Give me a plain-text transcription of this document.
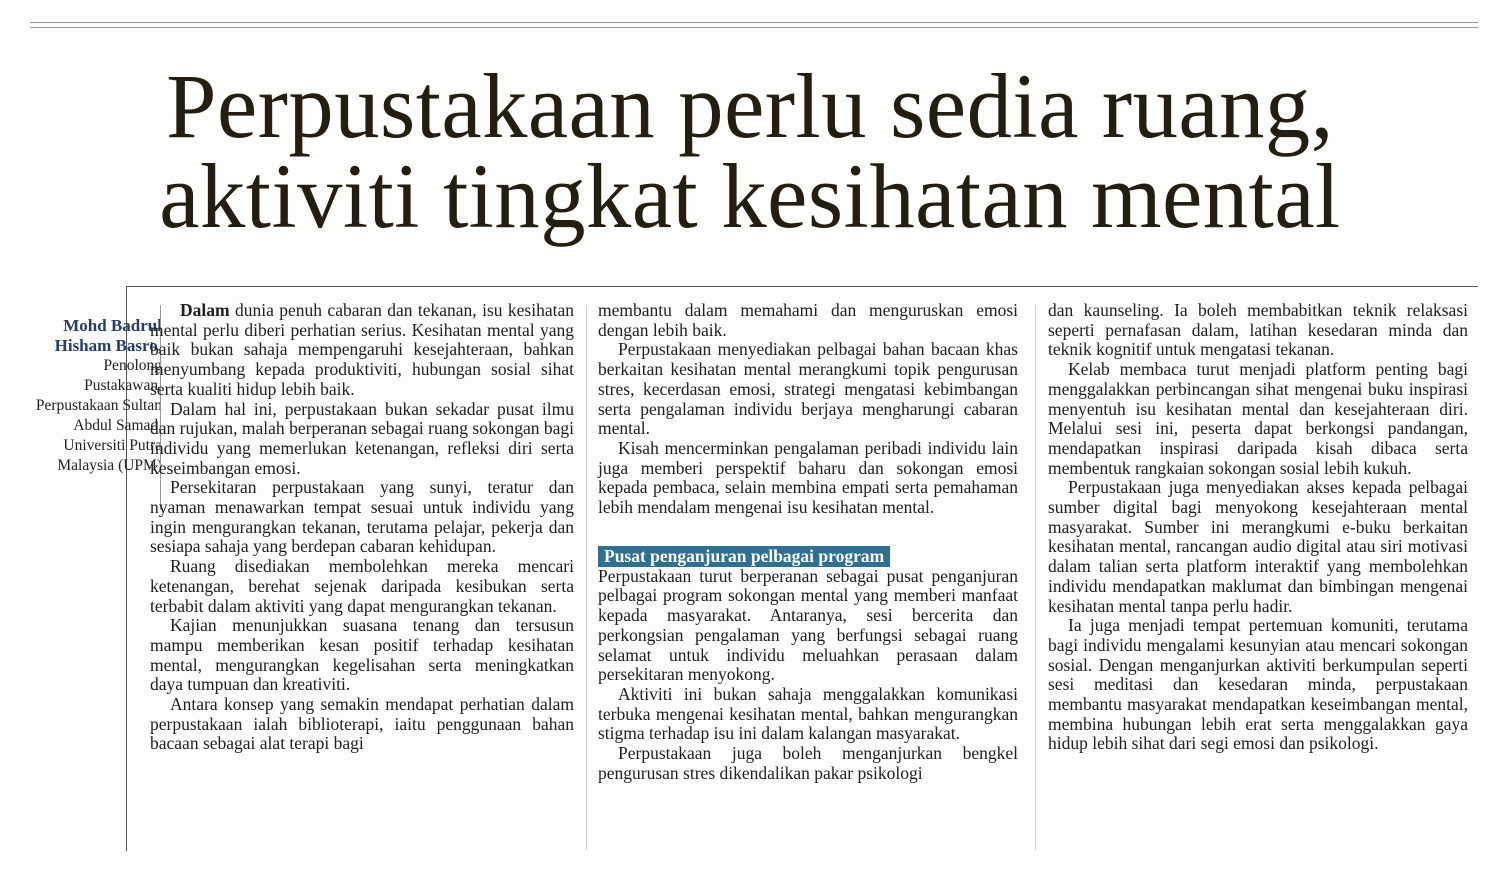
Perpustakaan perlu sedia ruang,
aktiviti tingkat kesihatan mental
Mohd Badrul Hisham Basro,
Penolong Pustakawan, Perpustakaan Sultan Abdul Samad, Universiti Putra Malaysia (UPM)

Dalam dunia penuh cabaran dan tekanan, isu kesihatan mental perlu diberi perhatian serius. Kesihatan mental yang baik bukan sahaja mempengaruhi kesejahteraan, bahkan menyumbang kepada produktiviti, hubungan sosial sihat serta kualiti hidup lebih baik.

Dalam hal ini, perpustakaan bukan sekadar pusat ilmu dan rujukan, malah berperanan sebagai ruang sokongan bagi individu yang memerlukan ketenangan, refleksi diri serta keseimbangan emosi.

Persekitaran perpustakaan yang sunyi, teratur dan nyaman menawarkan tempat sesuai untuk individu yang ingin mengurangkan tekanan, terutama pelajar, pekerja dan sesiapa sahaja yang berdepan cabaran kehidupan.

Ruang disediakan membolehkan mereka mencari ketenangan, berehat sejenak daripada kesibukan serta terbabit dalam aktiviti yang dapat mengurangkan tekanan.

Kajian menunjukkan suasana tenang dan tersusun mampu memberikan kesan positif terhadap kesihatan mental, mengurangkan kegelisahan serta meningkatkan daya tumpuan dan kreativiti.

Antara konsep yang semakin mendapat perhatian dalam perpustakaan ialah biblioterapi, iaitu penggunaan bahan bacaan sebagai alat terapi bagi

membantu dalam memahami dan menguruskan emosi dengan lebih baik.

Perpustakaan menyediakan pelbagai bahan bacaan khas berkaitan kesihatan mental merangkumi topik pengurusan stres, kecerdasan emosi, strategi mengatasi kebimbangan serta pengalaman individu berjaya mengharungi cabaran mental.

Kisah mencerminkan pengalaman peribadi individu lain juga memberi perspektif baharu dan sokongan emosi kepada pembaca, selain membina empati serta pemahaman lebih mendalam mengenai isu kesihatan mental.

Pusat penganjuran pelbagai program

Perpustakaan turut berperanan sebagai pusat penganjuran pelbagai program sokongan mental yang memberi manfaat kepada masyarakat. Antaranya, sesi bercerita dan perkongsian pengalaman yang berfungsi sebagai ruang selamat untuk individu meluahkan perasaan dalam persekitaran menyokong.

Aktiviti ini bukan sahaja menggalakkan komunikasi terbuka mengenai kesihatan mental, bahkan mengurangkan stigma terhadap isu ini dalam kalangan masyarakat.

Perpustakaan juga boleh menganjurkan bengkel pengurusan stres dikendalikan pakar psikologi

dan kaunseling. Ia boleh membabitkan teknik relaksasi seperti pernafasan dalam, latihan kesedaran minda dan teknik kognitif untuk mengatasi tekanan.

Kelab membaca turut menjadi platform penting bagi menggalakkan perbincangan sihat mengenai buku inspirasi menyentuh isu kesihatan mental dan kesejahteraan diri. Melalui sesi ini, peserta dapat berkongsi pandangan, mendapatkan inspirasi daripada kisah dibaca serta membentuk rangkaian sokongan sosial lebih kukuh.

Perpustakaan juga menyediakan akses kepada pelbagai sumber digital bagi menyokong kesejahteraan mental masyarakat. Sumber ini merangkumi e-buku berkaitan kesihatan mental, rancangan audio digital atau siri motivasi dalam talian serta platform interaktif yang membolehkan individu mendapatkan maklumat dan bimbingan mengenai kesihatan mental tanpa perlu hadir.

Ia juga menjadi tempat pertemuan komuniti, terutama bagi individu mengalami kesunyian atau mencari sokongan sosial. Dengan menganjurkan aktiviti berkumpulan seperti sesi meditasi dan kesedaran minda, perpustakaan membantu masyarakat mendapatkan keseimbangan mental, membina hubungan lebih erat serta menggalakkan gaya hidup lebih sihat dari segi emosi dan psikologi.
